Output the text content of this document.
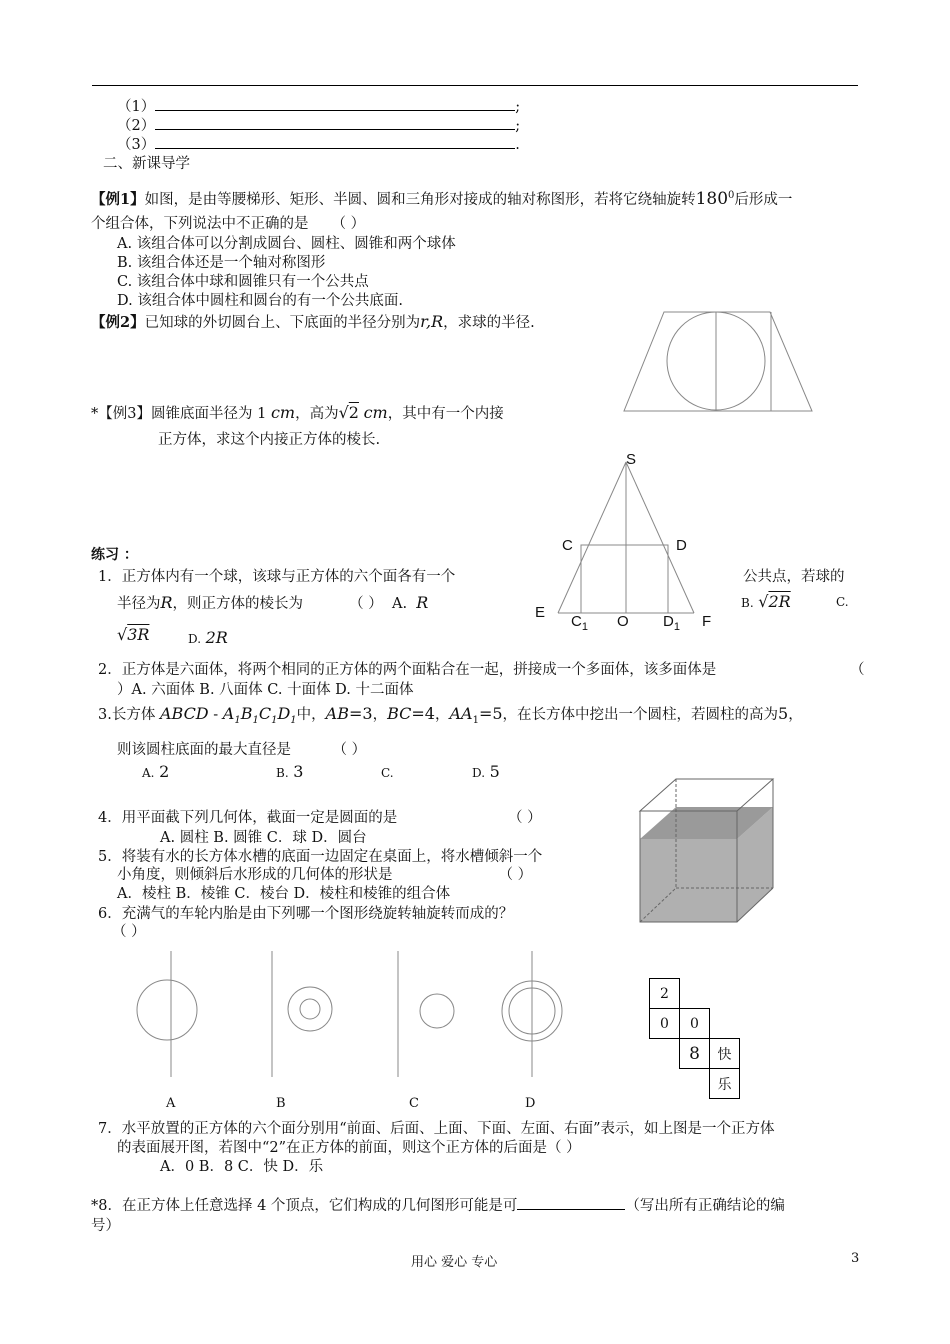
（1）	;
（2）	;
（3）	.
二、新课导学
【例1】如图，是由等腰梯形、矩形、半圆、圆和三角形对接成的轴对称图形，若将它绕轴旋转$180^0$后形成一
个组合体，下列说法中不正确的是 （ ）
A. 该组合体可以分割成圆台、圆柱、圆锥和两个球体
B. 该组合体还是一个轴对称图形
C. 该组合体中球和圆锥只有一个公共点
D. 该组合体中圆柱和圆台的有一个公共底面.
【例2】已知球的外切圆台上、下底面的半径分别为r,R，求球的半径.
*【例3】圆锥底面半径为 1 cm，高为√2 cm，其中有一个内接
正方体，求这个内接正方体的棱长.
S
C	D
E
F
$C_1$ O $D_1$
练习 ：
1．正方体内有一个球，该球与正方体的六个面各有一个	公共点，若球的
半径为R，则正方体的棱长为	（ ） A. R	B. √2R	C.
√3R	D. 2R
2．正方体是六面体，将两个相同的正方体的两个面粘合在一起，拼接成一个多面体，该多面体是	（
）A. 六面体 B. 八面体 C. 十面体 D. 十二面体
3.长方体 ABCD - $A_1B_1C_1D_1$中，AB=3，BC=4，$AA_1=5$，在长方体中挖出一个圆柱，若圆柱的高为5，
则该圆柱底面的最大直径是	（ ）
A. 2	B. 3	C.	D. 5
4．用平面截下列几何体，截面一定是圆面的是	（ ）
A. 圆柱 B. 圆锥 C．球 D．圆台
5．将装有水的长方体水槽的底面一边固定在桌面上，将水槽倾斜一个
小角度，则倾斜后水形成的几何体的形状是	（ ）
A．棱柱 B．棱锥 C．棱台 D．棱柱和棱锥的组合体
6．充满气的车轮内胎是由下列哪一个图形绕旋转轴旋转而成的？
（ ）
A	B	C	D
2
0	0
8	快
乐
7．水平放置的正方体的六个面分别用“前面、后面、上面、下面、左面、右面”表示，如上图是一个正方体
的表面展开图，若图中“2”在正方体的前面，则这个正方体的后面是（ ）
A．0 B．8 C．快 D．乐
*8．在正方体上任意选择 4 个顶点，它们构成的几何图形可能是可	（写出所有正确结论的编
号）
用心 爱心 专心	3
